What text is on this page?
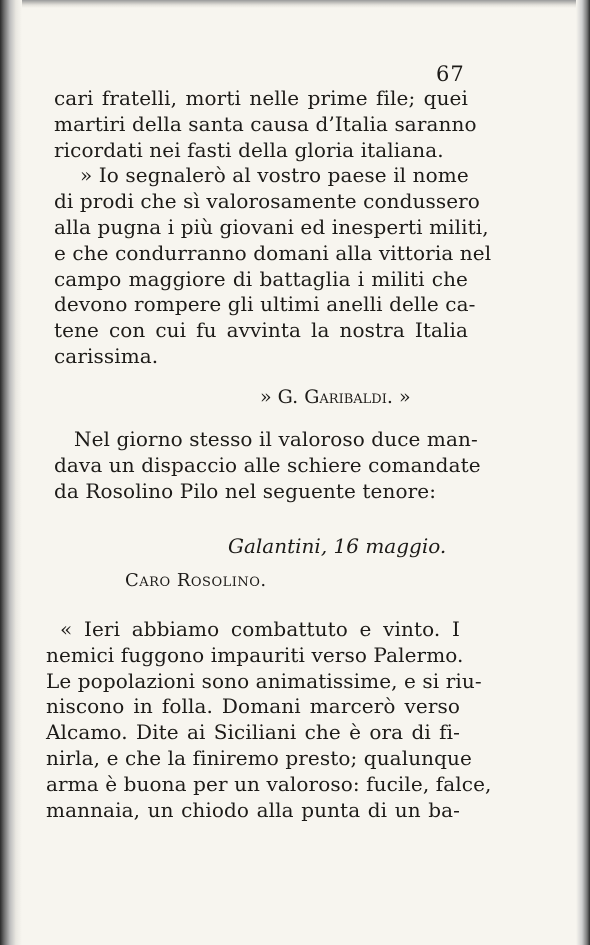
67
cari fratelli, morti nelle prime file; quei
martiri della santa causa d’Italia saranno
ricordati nei fasti della gloria italiana.
» Io segnalerò al vostro paese il nome
di prodi che sì valorosamente condussero
alla pugna i più giovani ed inesperti militi,
e che condurranno domani alla vittoria nel
campo maggiore di battaglia i militi che
devono rompere gli ultimi anelli delle ca-
tene con cui fu avvinta la nostra Italia
carissima.
» G. Garibaldi. »
Nel giorno stesso il valoroso duce man-
dava un dispaccio alle schiere comandate
da Rosolino Pilo nel seguente tenore:
Galantini, 16 maggio.
Caro Rosolino.
« Ieri abbiamo combattuto e vinto. I
nemici fuggono impauriti verso Palermo.
Le popolazioni sono animatissime, e si riu-
niscono in folla. Domani marcerò verso
Alcamo. Dite ai Siciliani che è ora di fi-
nirla, e che la finiremo presto; qualunque
arma è buona per un valoroso: fucile, falce,
mannaia, un chiodo alla punta di un ba-
